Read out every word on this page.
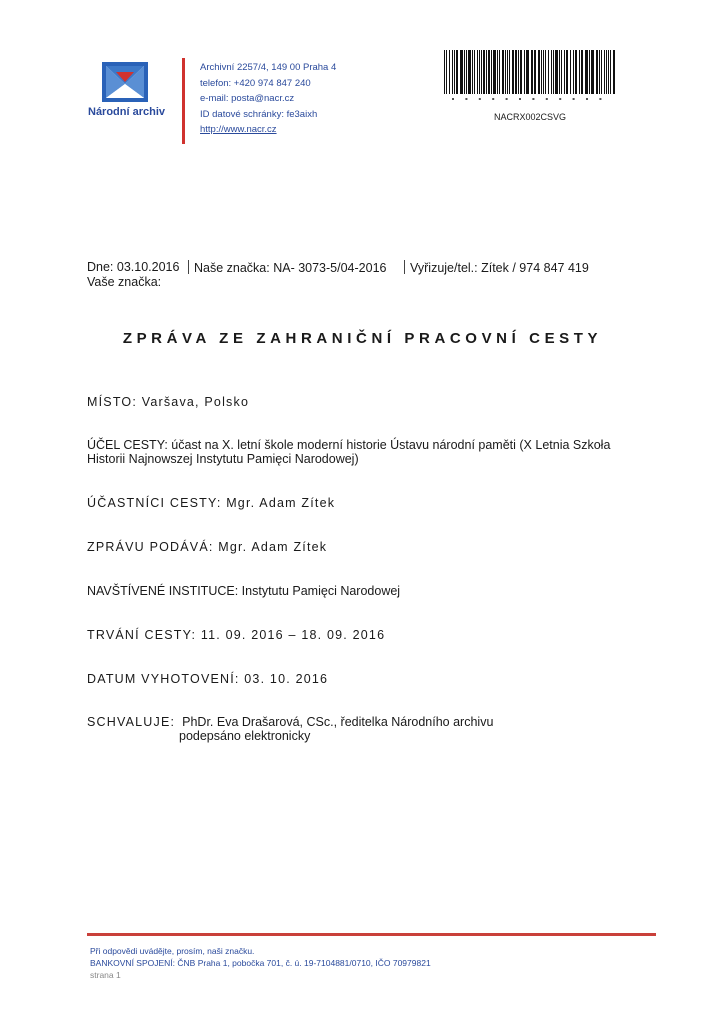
Národní archiv
Archivní 2257/4, 149 00 Praha 4
telefon: +420 974 847 240
e-mail: posta@nacr.cz
ID datové schránky: fe3aixh
http://www.nacr.cz
NACRX002CSVG
Dne: 03.10.2016	Naše značka: NA- 3073-5/04-2016	Vyřizuje/tel.: Zítek / 974 847 419
Vaše značka:
ZPRÁVA ZE ZAHRANIČNÍ PRACOVNÍ CESTY
MÍSTO: Varšava, Polsko
ÚČEL CESTY: účast na X. letní škole moderní historie Ústavu národní paměti (X Letnia Szkoła
Historii Najnowszej Instytutu Pamięci Narodowej)
ÚČASTNÍCI CESTY: Mgr. Adam Zítek
ZPRÁVU PODÁVÁ: Mgr. Adam Zítek
NAVŠTÍVENÉ INSTITUCE: Instytutu Pamięci Narodowej
TRVÁNÍ CESTY: 11. 09. 2016 – 18. 09. 2016
DATUM VYHOTOVENÍ: 03. 10. 2016
SCHVALUJE: PhDr. Eva Drašarová, CSc., ředitelka Národního archivu
podepsáno elektronicky
Při odpovědi uvádějte, prosím, naši značku.
BANKOVNÍ SPOJENÍ: ČNB Praha 1, pobočka 701, č. ú. 19-7104881/0710, IČO 70979821
strana 1
